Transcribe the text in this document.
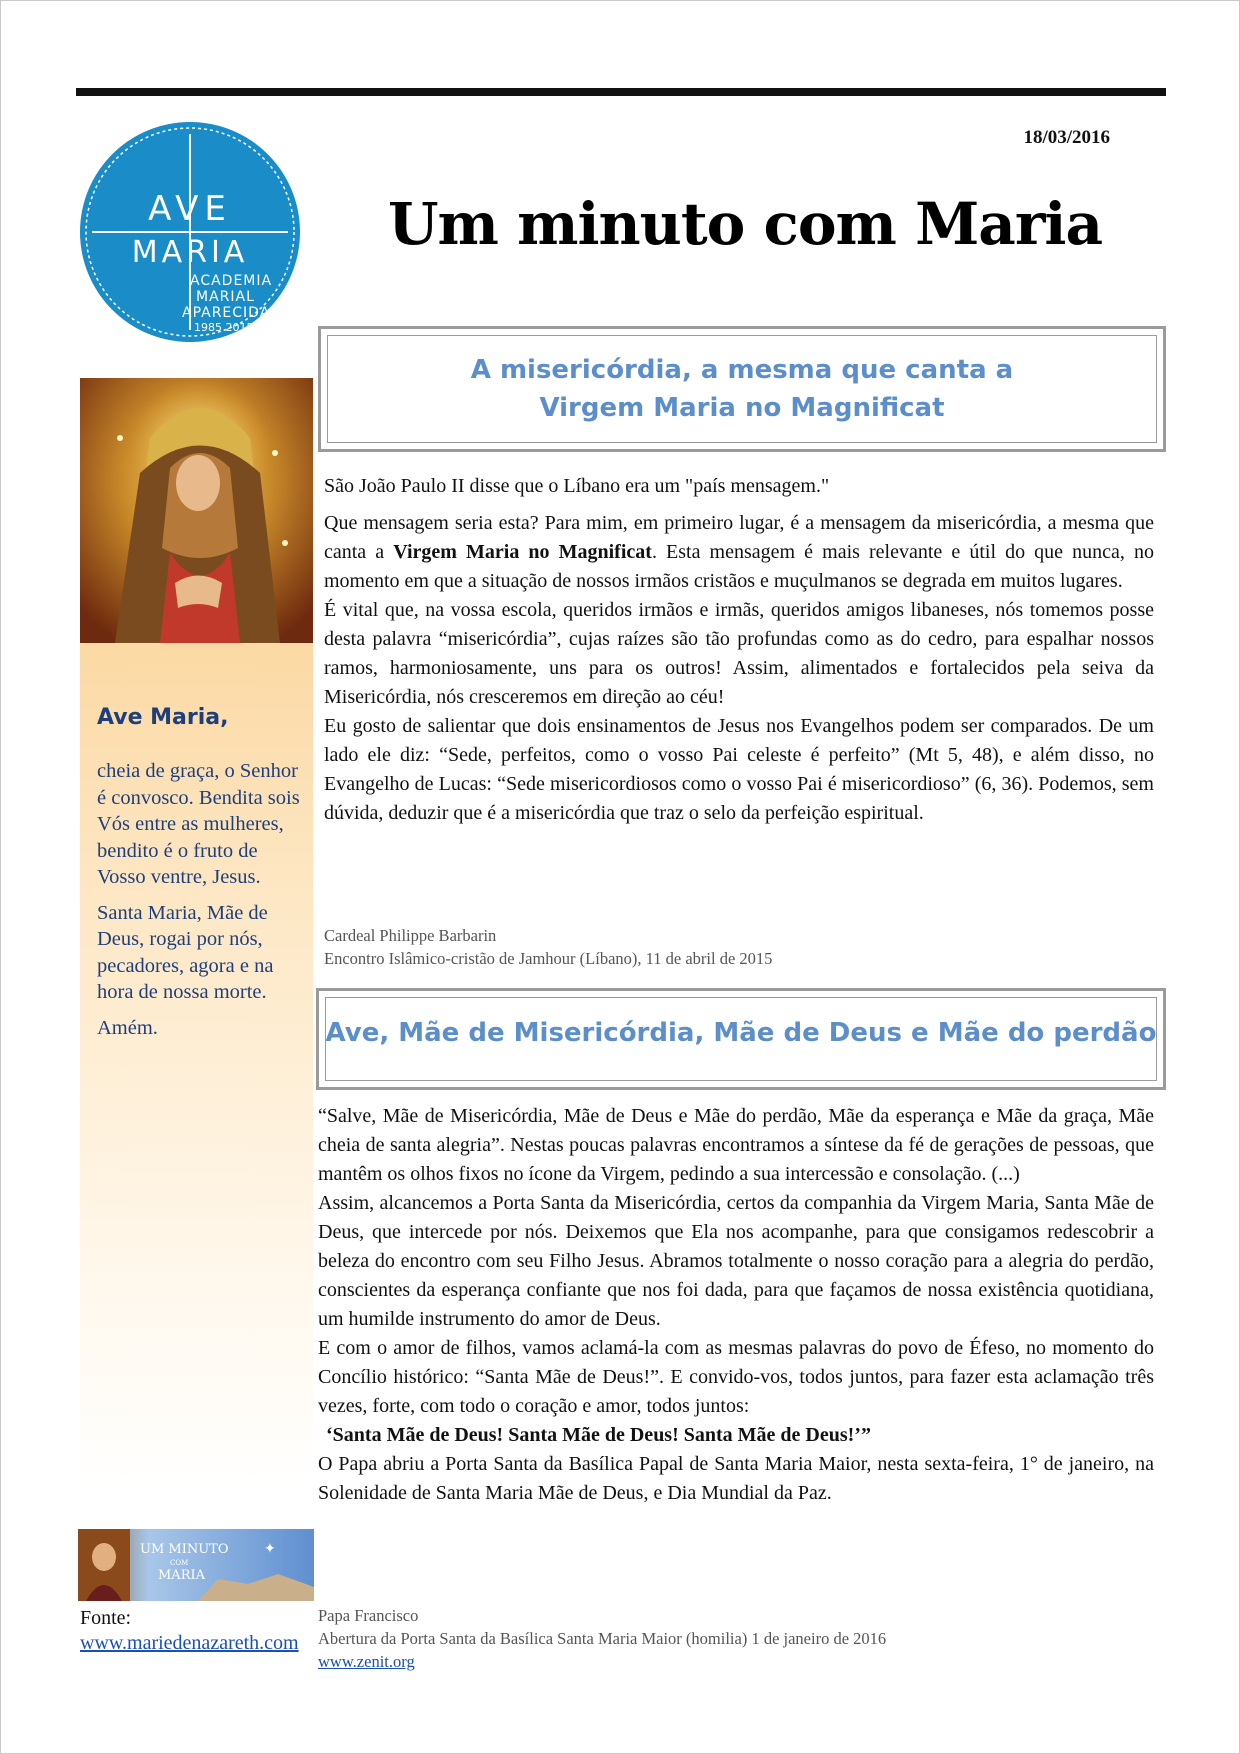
18/03/2016
Um minuto com Maria
AVE
MARIA
ACADEMIA
MARIAL
APARECIDA
1985 2015
Ave Maria,

cheia de graça, o Senhor é convosco. Bendita sois Vós entre as mulheres, bendito é o fruto de Vosso ventre, Jesus.

Santa Maria, Mãe de Deus, rogai por nós, pecadores, agora e na hora de nossa morte.

Amém.

UM MINUTO
COM
MARIA
✦
Fonte:
www.mariedenazareth.com
A misericórdia, a mesma que canta a
Virgem Maria no Magnificat

São João Paulo II disse que o Líbano era um "país mensagem."

Que mensagem seria esta? Para mim, em primeiro lugar, é a mensagem da misericórdia, a mesma que canta a Virgem Maria no Magnificat. Esta mensagem é mais relevante e útil do que nunca, no momento em que a situação de nossos irmãos cristãos e muçulmanos se degrada em muitos lugares.

É vital que, na vossa escola, queridos irmãos e irmãs, queridos amigos libaneses, nós tomemos posse desta palavra “misericórdia”, cujas raízes são tão profundas como as do cedro, para espalhar nossos ramos, harmoniosamente, uns para os outros! Assim, alimentados e fortalecidos pela seiva da Misericórdia, nós cresceremos em direção ao céu!

Eu gosto de salientar que dois ensinamentos de Jesus nos Evangelhos podem ser comparados. De um lado ele diz: “Sede, perfeitos, como o vosso Pai celeste é perfeito” (Mt 5, 48), e além disso, no Evangelho de Lucas: “Sede misericordiosos como o vosso Pai é misericordioso” (6, 36). Podemos, sem dúvida, deduzir que é a misericórdia que traz o selo da perfeição espiritual.

Cardeal Philippe Barbarin
Encontro Islâmico-cristão de Jamhour (Líbano), 11 de abril de 2015
Ave, Mãe de Misericórdia, Mãe de Deus e Mãe do perdão

“Salve, Mãe de Misericórdia, Mãe de Deus e Mãe do perdão, Mãe da esperança e Mãe da graça, Mãe cheia de santa alegria”. Nestas poucas palavras encontramos a síntese da fé de gerações de pessoas, que mantêm os olhos fixos no ícone da Virgem, pedindo a sua intercessão e consolação. (...)

Assim, alcancemos a Porta Santa da Misericórdia, certos da companhia da Virgem Maria, Santa Mãe de Deus, que intercede por nós. Deixemos que Ela nos acompanhe, para que consigamos redescobrir a beleza do encontro com seu Filho Jesus. Abramos totalmente o nosso coração para a alegria do perdão, conscientes da esperança confiante que nos foi dada, para que façamos de nossa existência quotidiana, um humilde instrumento do amor de Deus.

E com o amor de filhos, vamos aclamá-la com as mesmas palavras do povo de Éfeso, no momento do Concílio histórico: “Santa Mãe de Deus!”. E convido-vos, todos juntos, para fazer esta aclamação três vezes, forte, com todo o coração e amor, todos juntos:

‘Santa Mãe de Deus! Santa Mãe de Deus! Santa Mãe de Deus!’”

O Papa abriu a Porta Santa da Basílica Papal de Santa Maria Maior, nesta sexta-feira, 1° de janeiro, na Solenidade de Santa Maria Mãe de Deus, e Dia Mundial da Paz.

Papa Francisco
Abertura da Porta Santa da Basílica Santa Maria Maior (homilia) 1 de janeiro de 2016
www.zenit.org
